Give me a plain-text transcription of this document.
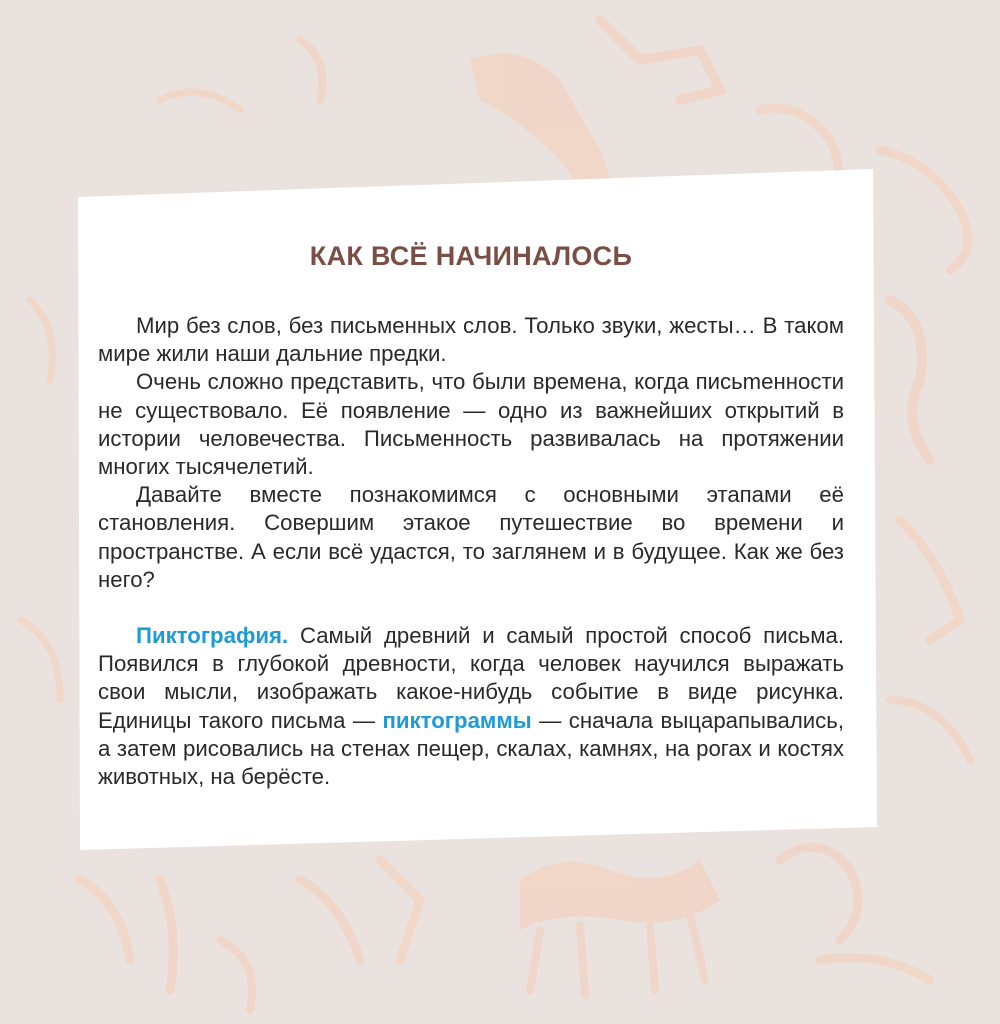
КАК ВСЁ НАЧИНАЛОСЬ

Мир без слов, без письменных слов. Только звуки, жесты… В таком мире жили наши дальние предки.

Очень сложно представить, что были времена, когда письmенности не существовало. Её появление — одно из важнейших открытий в истории человечества. Письменность развивалась на протяжении многих тысячелетий.

Давайте вместе познакомимся с основными этапами её становления. Совершим этакое путешествие во времени и пространстве. А если всё удастся, то заглянем и в будущее. Как же без него?

Пиктография. Самый древний и самый простой способ письма. Появился в глубокой древности, когда человек научился выражать свои мысли, изображать какое-нибудь событие в виде рисунка. Единицы такого письма — пиктограммы — сначала выцарапывались, а затем рисовались на стенах пещер, скалах, камнях, на рогах и костях животных, на берёсте.
